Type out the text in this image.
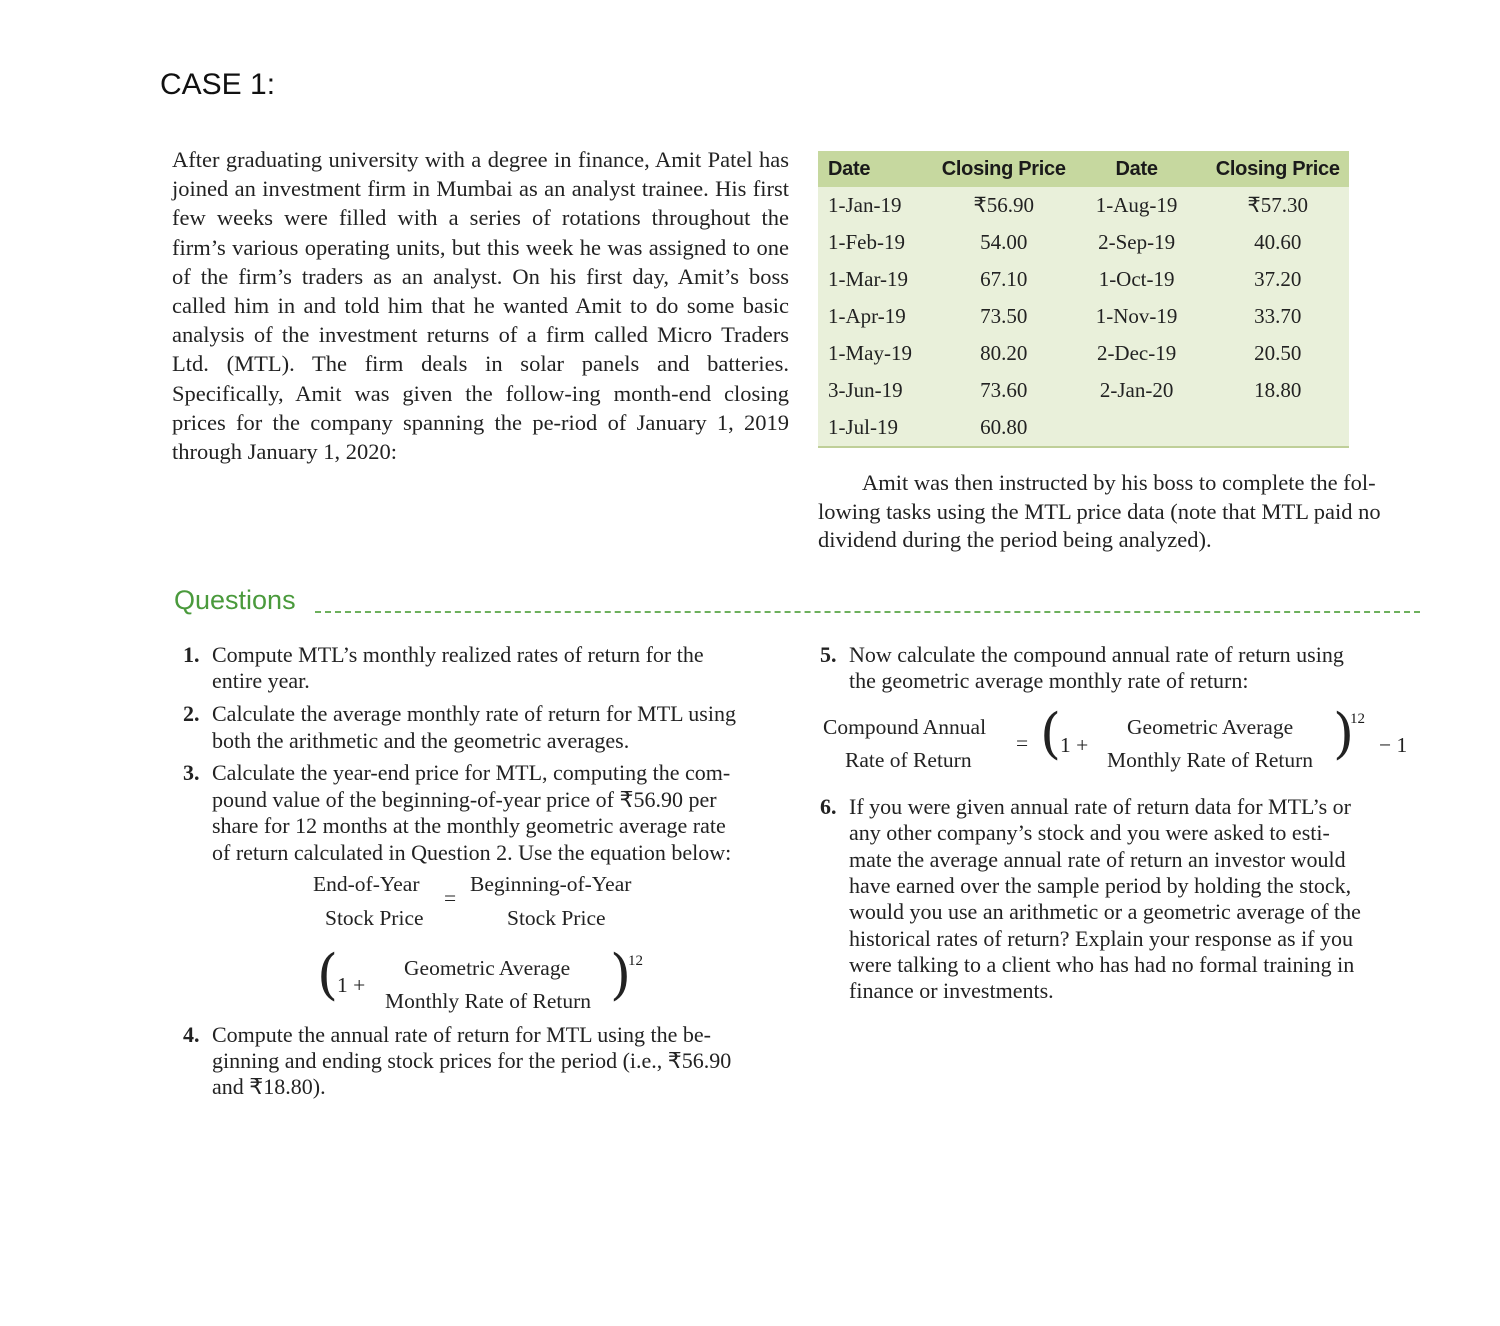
CASE 1:
After graduating university with a degree in finance, Amit Patel has joined an investment firm in Mumbai as an analyst trainee. His first few weeks were filled with a series of rotations throughout the firm’s various operating units, but this week he was assigned to one of the firm’s traders as an analyst. On his first day, Amit’s boss called him in and told him that he wanted Amit to do some basic analysis of the investment returns of a firm called Micro Traders Ltd. (MTL). The firm deals in solar panels and batteries. Specifically, Amit was given the follow-ing month-end closing prices for the company spanning the pe-riod of January 1, 2019 through January 1, 2020:
Date	Closing Price	Date	Closing Price
1-Jan-19	₹56.90	1-Aug-19	₹57.30
1-Feb-19	54.00	2-Sep-19	40.60
1-Mar-19	67.10	1-Oct-19	37.20
1-Apr-19	73.50	1-Nov-19	33.70
1-May-19	80.20	2-Dec-19	20.50
3-Jun-19	73.60	2-Jan-20	18.80
1-Jul-19	60.80		
Amit was then instructed by his boss to complete the fol-lowing tasks using the MTL price data (note that MTL paid no dividend during the period being analyzed).
Questions
1. Compute MTL’s monthly realized rates of return for the
entire year.
2. Calculate the average monthly rate of return for MTL using
both the arithmetic and the geometric averages.
3. Calculate the year-end price for MTL, computing the com-
pound value of the beginning-of-year price of ₹56.90 per
share for 12 months at the monthly geometric average rate
of return calculated in Question 2. Use the equation below:
End-of-Year
Stock Price
=
Beginning-of-Year
Stock Price
(
1 +
Geometric Average
Monthly Rate of Return )
12
4. Compute the annual rate of return for MTL using the be-
ginning and ending stock prices for the period (i.e., ₹56.90
and ₹18.80).
5. Now calculate the compound annual rate of return using
the geometric average monthly rate of return:
Compound Annual
Rate of Return
= (
1 +
Geometric Average
Monthly Rate of Return )
12
− 1
6. If you were given annual rate of return data for MTL’s or
any other company’s stock and you were asked to esti-
mate the average annual rate of return an investor would
have earned over the sample period by holding the stock,
would you use an arithmetic or a geometric average of the
historical rates of return? Explain your response as if you
were talking to a client who has had no formal training in
finance or investments.
